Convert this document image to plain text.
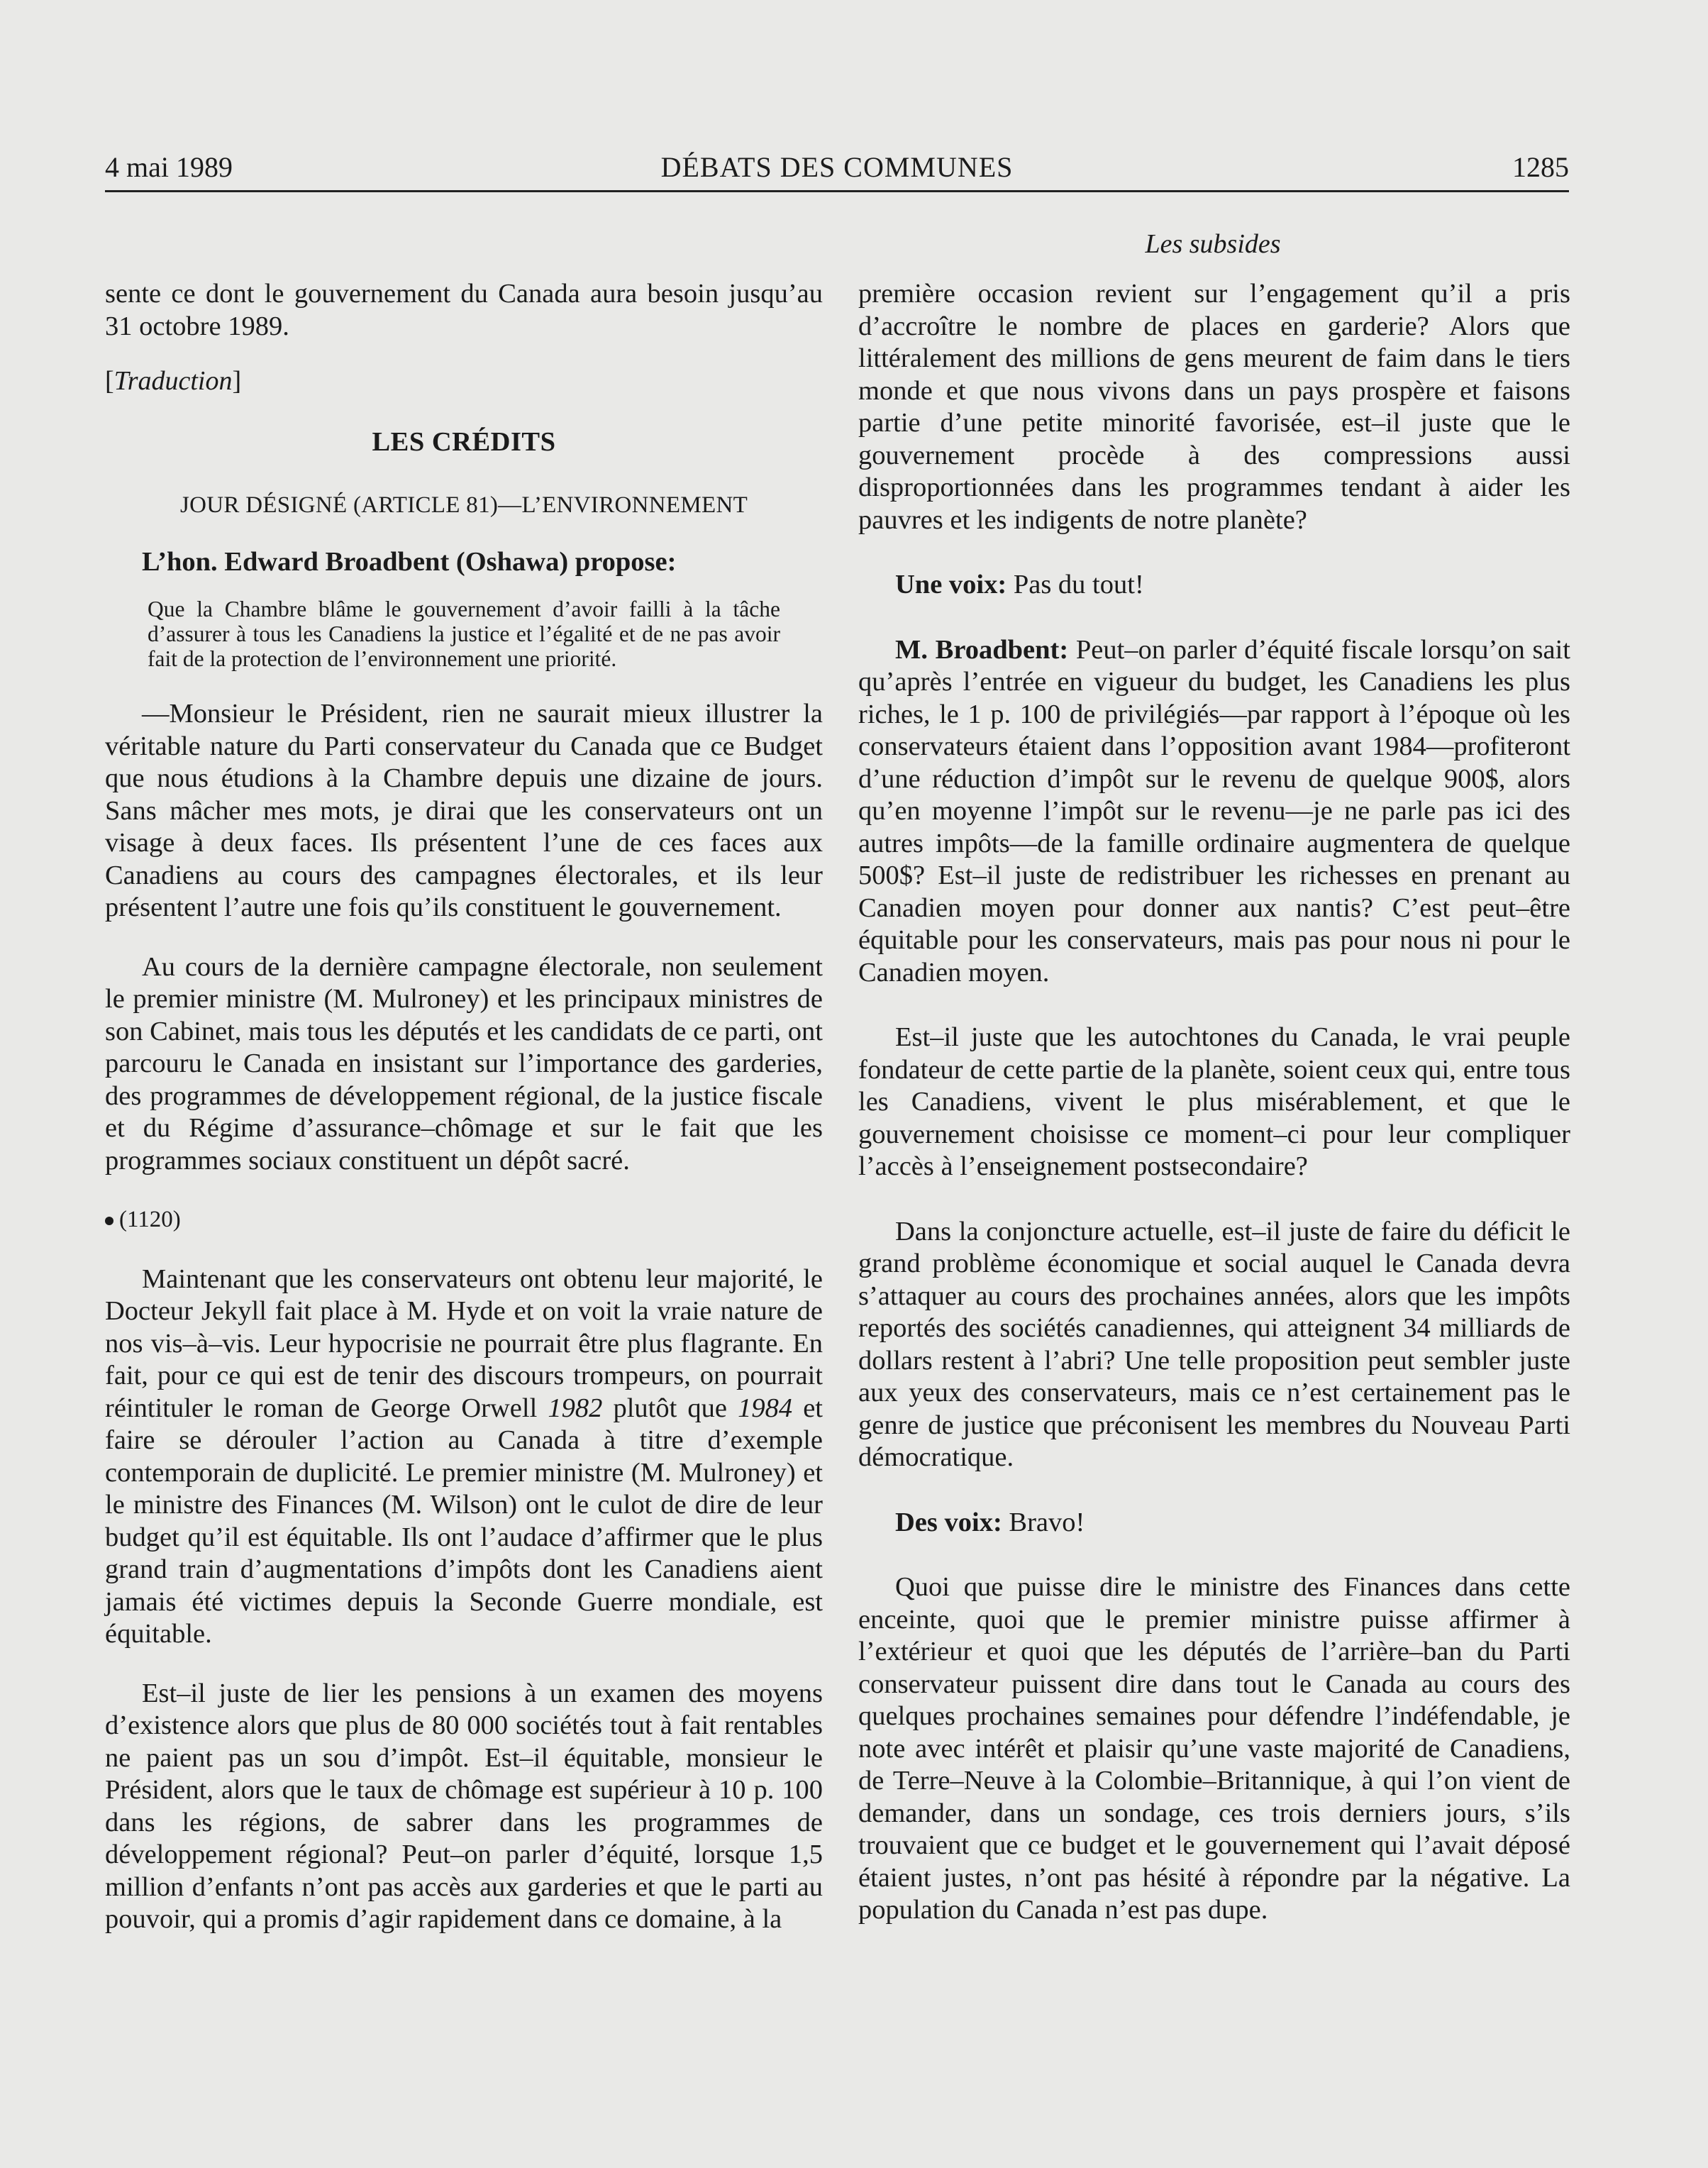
4 mai 1989	DÉBATS DES COMMUNES	1285
Les subsides

sente ce dont le gouvernement du Canada aura besoin jusqu’au 31 octobre 1989.

[Traduction]

LES CRÉDITS

JOUR DÉSIGNÉ (ARTICLE 81)—L’ENVIRONNEMENT

L’hon. Edward Broadbent (Oshawa) propose:

Que la Chambre blâme le gouvernement d’avoir failli à la tâche d’assurer à tous les Canadiens la justice et l’égalité et de ne pas avoir fait de la protection de l’environnement une priorité.

—Monsieur le Président, rien ne saurait mieux illustrer la véritable nature du Parti conservateur du Canada que ce Budget que nous étudions à la Chambre depuis une dizaine de jours. Sans mâcher mes mots, je dirai que les conservateurs ont un visage à deux faces. Ils présentent l’une de ces faces aux Canadiens au cours des campagnes électorales, et ils leur présentent l’autre une fois qu’ils constituent le gouvernement.

Au cours de la dernière campagne électorale, non seulement le premier ministre (M. Mulroney) et les principaux ministres de son Cabinet, mais tous les députés et les candidats de ce parti, ont parcouru le Canada en insistant sur l’importance des garderies, des programmes de développement régional, de la justice fiscale et du Régime d’assurance–chômage et sur le fait que les programmes sociaux constituent un dépôt sacré.

(1120)

Maintenant que les conservateurs ont obtenu leur majorité, le Docteur Jekyll fait place à M. Hyde et on voit la vraie nature de nos vis–à–vis. Leur hypocrisie ne pourrait être plus flagrante. En fait, pour ce qui est de tenir des discours trompeurs, on pourrait réintituler le roman de George Orwell 1982 plutôt que 1984 et faire se dérouler l’action au Canada à titre d’exemple contemporain de duplicité. Le premier ministre (M. Mulroney) et le ministre des Finances (M. Wilson) ont le culot de dire de leur budget qu’il est équitable. Ils ont l’audace d’affirmer que le plus grand train d’augmentations d’impôts dont les Canadiens aient jamais été victimes depuis la Seconde Guerre mondiale, est équitable.

Est–il juste de lier les pensions à un examen des moyens d’existence alors que plus de 80 000 sociétés tout à fait rentables ne paient pas un sou d’impôt. Est–il équitable, monsieur le Président, alors que le taux de chômage est supérieur à 10 p. 100 dans les régions, de sabrer dans les programmes de développement régional? Peut–on parler d’équité, lorsque 1,5 million d’enfants n’ont pas accès aux garderies et que le parti au pouvoir, qui a promis d’agir rapidement dans ce domaine, à la

première occasion revient sur l’engagement qu’il a pris d’accroître le nombre de places en garderie? Alors que littéralement des millions de gens meurent de faim dans le tiers monde et que nous vivons dans un pays prospère et faisons partie d’une petite minorité favorisée, est–il juste que le gouvernement procède à des compressions aussi disproportionnées dans les programmes tendant à aider les pauvres et les indigents de notre planète?

Une voix: Pas du tout!

M. Broadbent: Peut–on parler d’équité fiscale lorsqu’on sait qu’après l’entrée en vigueur du budget, les Canadiens les plus riches, le 1 p. 100 de privilégiés—par rapport à l’époque où les conservateurs étaient dans l’opposition avant 1984—profiteront d’une réduction d’impôt sur le revenu de quelque 900$, alors qu’en moyenne l’impôt sur le revenu—je ne parle pas ici des autres impôts—de la famille ordinaire augmentera de quelque 500$? Est–il juste de redistribuer les richesses en prenant au Canadien moyen pour donner aux nantis? C’est peut–être équitable pour les conservateurs, mais pas pour nous ni pour le Canadien moyen.

Est–il juste que les autochtones du Canada, le vrai peuple fondateur de cette partie de la planète, soient ceux qui, entre tous les Canadiens, vivent le plus misérablement, et que le gouvernement choisisse ce moment–ci pour leur compliquer l’accès à l’enseignement postsecondaire?

Dans la conjoncture actuelle, est–il juste de faire du déficit le grand problème économique et social auquel le Canada devra s’attaquer au cours des prochaines années, alors que les impôts reportés des sociétés canadiennes, qui atteignent 34 milliards de dollars restent à l’abri? Une telle proposition peut sembler juste aux yeux des conservateurs, mais ce n’est certainement pas le genre de justice que préconisent les membres du Nouveau Parti démocratique.

Des voix: Bravo!

Quoi que puisse dire le ministre des Finances dans cette enceinte, quoi que le premier ministre puisse affirmer à l’extérieur et quoi que les députés de l’arrière–ban du Parti conservateur puissent dire dans tout le Canada au cours des quelques prochaines semaines pour défendre l’indéfendable, je note avec intérêt et plaisir qu’une vaste majorité de Canadiens, de Terre–Neuve à la Colombie–Britannique, à qui l’on vient de demander, dans un sondage, ces trois derniers jours, s’ils trouvaient que ce budget et le gouvernement qui l’avait déposé étaient justes, n’ont pas hésité à répondre par la négative. La population du Canada n’est pas dupe.
